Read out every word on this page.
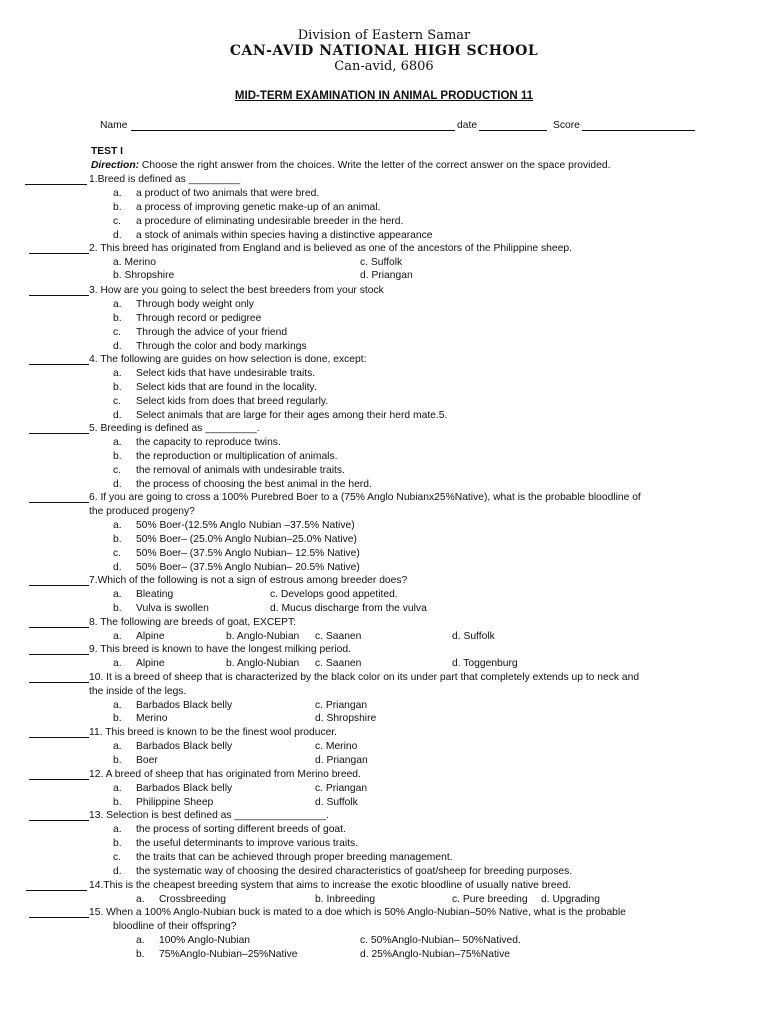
Division of Eastern Samar
CAN-AVID NATIONAL HIGH SCHOOL
Can-avid, 6806
MID-TERM EXAMINATION IN ANIMAL PRODUCTION 11
Name	date	Score
TEST I
Direction: Choose the right answer from the choices. Write the letter of the correct answer on the space provided.
1.Breed is defined as _________
a. a product of two animals that were bred.
b. a process of improving genetic make-up of an animal.
c. a procedure of eliminating undesirable breeder in the herd.
d. a stock of animals within species having a distinctive appearance
2. This breed has originated from England and is believed as one of the ancestors of the Philippine sheep.
a. Merino	c. Suffolk
b. Shropshire	d. Priangan
3. How are you going to select the best breeders from your stock
a. Through body weight only
b. Through record or pedigree
c. Through the advice of your friend
d. Through the color and body markings
4. The following are guides on how selection is done, except:
a. Select kids that have undesirable traits.
b. Select kids that are found in the locality.
c. Select kids from does that breed regularly.
d. Select animals that are large for their ages among their herd mate.5.
5. Breeding is defined as _________.
a. the capacity to reproduce twins.
b. the reproduction or multiplication of animals.
c. the removal of animals with undesirable traits.
d. the process of choosing the best animal in the herd.
6. If you are going to cross a 100% Purebred Boer to a (75% Anglo Nubianx25%Native), what is the probable bloodline of
the produced progeny?
a. 50% Boer-(12.5% Anglo Nubian –37.5% Native)
b. 50% Boer– (25.0% Anglo Nubian–25.0% Native)
c. 50% Boer– (37.5% Anglo Nubian– 12.5% Native)
d. 50% Boer– (37.5% Anglo Nubian– 20.5% Native)
7.Which of the following is not a sign of estrous among breeder does?
a. Bleating	c. Develops good appetited.
b. Vulva is swollen	d. Mucus discharge from the vulva
8. The following are breeds of goat, EXCEPT:
a. Alpine	b. Anglo-Nubian c. Saanen	d. Suffolk
9. This breed is known to have the longest milking period.
a. Alpine	b. Anglo-Nubian c. Saanen	d. Toggenburg
10. It is a breed of sheep that is characterized by the black color on its under part that completely extends up to neck and
the inside of the legs.
a. Barbados Black belly	c. Priangan
b. Merino	d. Shropshire
11. This breed is known to be the finest wool producer.
a. Barbados Black belly	c. Merino
b. Boer	d. Priangan
12. A breed of sheep that has originated from Merino breed.
a. Barbados Black belly	c. Priangan
b. Philippine Sheep	d. Suffolk
13. Selection is best defined as ________________.
a. the process of sorting different breeds of goat.
b. the useful determinants to improve various traits.
c. the traits that can be achieved through proper breeding management.
d. the systematic way of choosing the desired characteristics of goat/sheep for breeding purposes.
14.This is the cheapest breeding system that aims to increase the exotic bloodline of usually native breed.
a. Crossbreeding	b. Inbreeding	c. Pure breeding d. Upgrading
15. When a 100% Anglo-Nubian buck is mated to a doe which is 50% Anglo-Nubian–50% Native, what is the probable
bloodline of their offspring?
a. 100% Anglo-Nubian	c. 50%Anglo-Nubian– 50%Natived.
b. 75%Anglo-Nubian–25%Native	d. 25%Anglo-Nubian–75%Native
